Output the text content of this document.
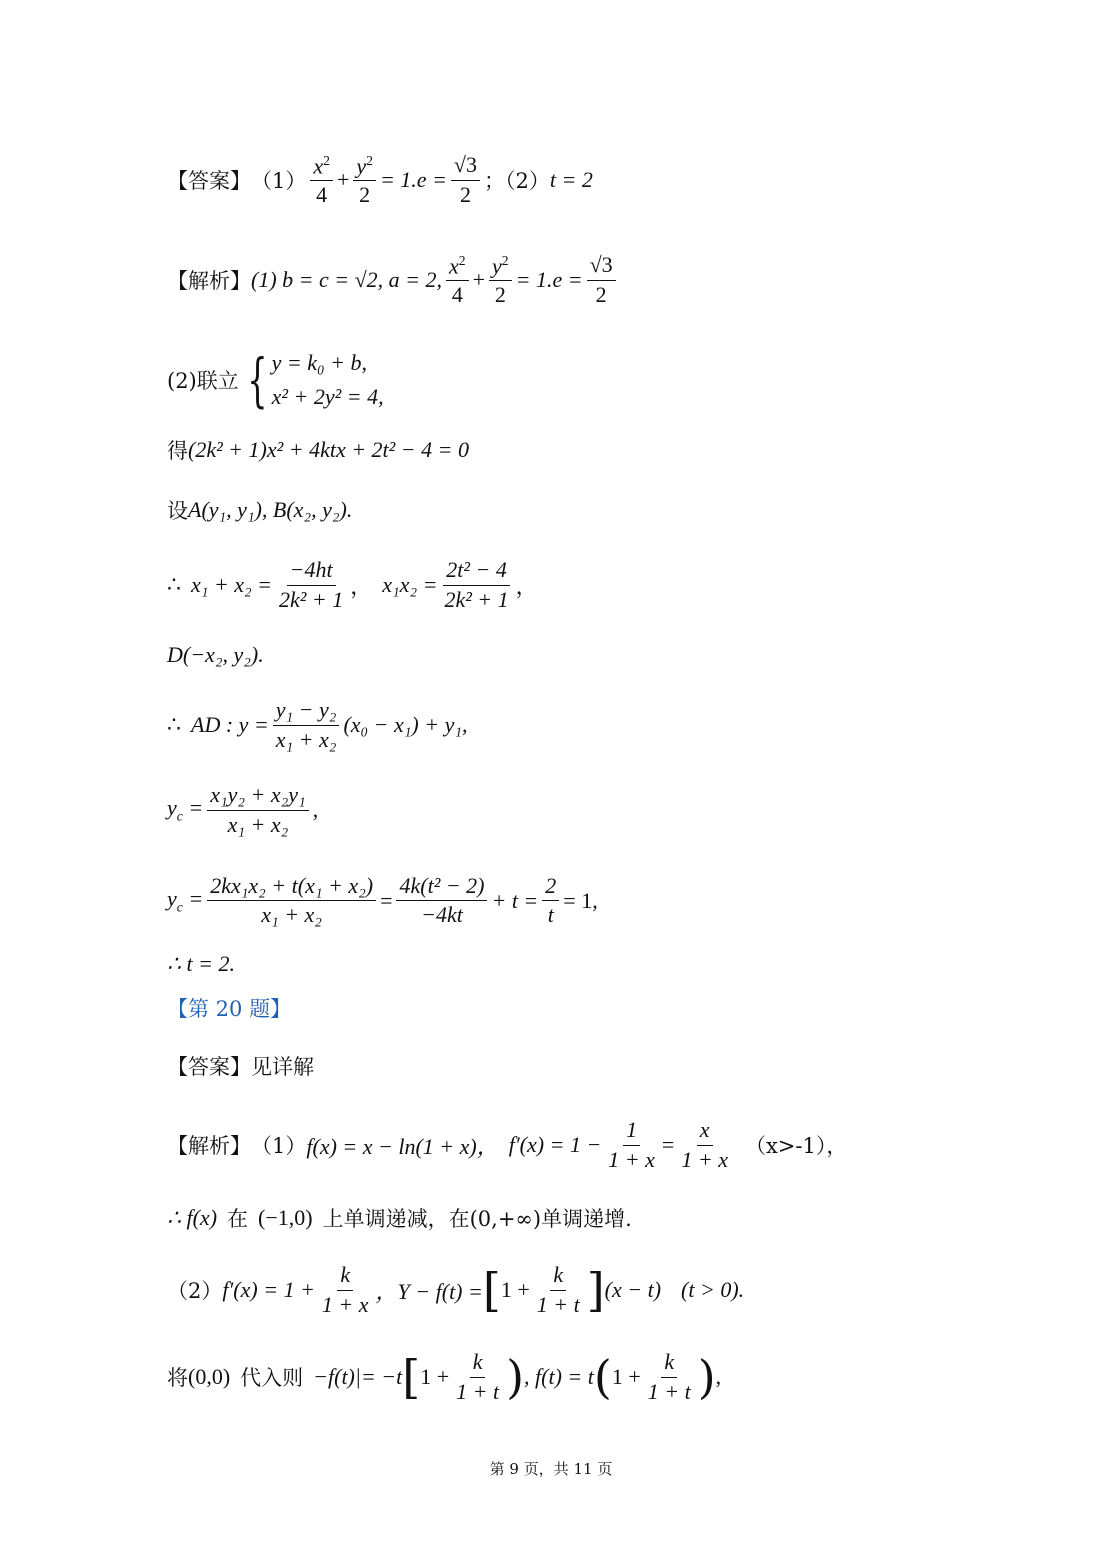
【答案】 $(1) \frac{x^2}{4} + \frac{y^2}{2} = 1.e = \frac{√3}{2}$ ；（2） t = 2
【解析】 (1) b = c = √2, a = 2, $\frac{x^2}{4} + \frac{y^2}{2} = 1.e = \frac{√3}{2}$
(2)联立 { y = k₀ + b,
x² + 2y² = 4,
得 (2k² + 1)x² + 4ktx + 2t² − 4 = 0
设 A(y₁, y₁), B(x₂, y₂).
∴ $x_1 + x_2 = \frac{-4ht}{\text{2k² + 1}}$ ， $x_1x_2 = \frac{\text{2t² − 4}}{\text{2k² + 1}}$ ，
D(−x₂, y₂).
∴ AD : $y = \frac{\text{y₁ − y₂}}{\text{x₁ + x₂}} (x_0 - x_1) + y_1$,
$y_c = \frac{\text{x₁y₂ + x₂y₁}}{\text{x₁ + x₂}}$ ,
$y_c = \frac{\text{2kx₁x₂ + t(x₁ + x₂)}}{\text{x₁ + x₂}} = \frac{\text{4k(t² − 2)}}{-4kt} + t = \frac{2}{t} = 1$,
∴ t = 2.
【第 20 题】
【答案】 见详解
【解析】 （1） f(x) = x − ln(1 + x)， $f'(x) = 1 - \frac{1}{1 + x} = \frac{x}{1 + x} (x>-1)$，
∴ f(x) 在 (−1,0) 上单调递减，在(0,+∞)单调递增.
（2） $f'(x) = 1 + \frac{k}{1 + x}$ ，Y − f(t) = [ $1 + \frac{k}{1 + t}$ ] (x − t) (t > 0).
将 (0,0) 代入则 −f(t)|= −t [ $1 + \frac{k}{1 + t}$ ) , f(t) = t ( $1 + \frac{k}{1 + t}$ ) ,
第 9 页，共 11 页
